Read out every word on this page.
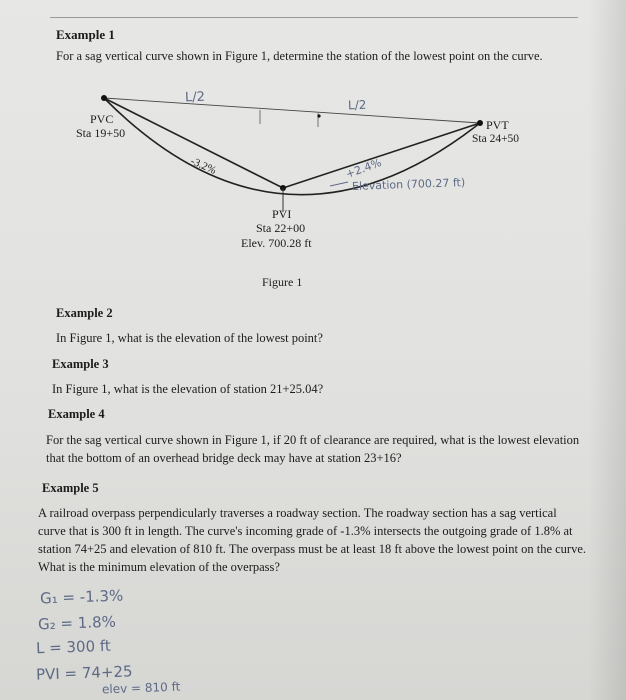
Example 1
For a sag vertical curve shown in Figure 1, determine the station of the lowest point on the curve.
PVC
Sta 19+50
PVT
Sta 24+50
PVI
Sta 22+00
Elev. 700.28 ft
-3.2%	+2.4%
L/2	L/2
Elevation (700.27 ft)
Figure 1
Example 2
In Figure 1, what is the elevation of the lowest point?
Example 3
In Figure 1, what is the elevation of station 21+25.04?
Example 4
For the sag vertical curve shown in Figure 1, if 20 ft of clearance are required, what is the lowest elevation that the bottom of an overhead bridge deck may have at station 23+16?
Example 5
A railroad overpass perpendicularly traverses a roadway section. The roadway section has a sag vertical curve that is 300 ft in length. The curve's incoming grade of -1.3% intersects the outgoing grade of 1.8% at station 74+25 and elevation of 810 ft. The overpass must be at least 18 ft above the lowest point on the curve. What is the minimum elevation of the overpass?
G₁ = -1.3%
G₂ = 1.8%
L = 300 ft
PVI = 74+25
elev = 810 ft
